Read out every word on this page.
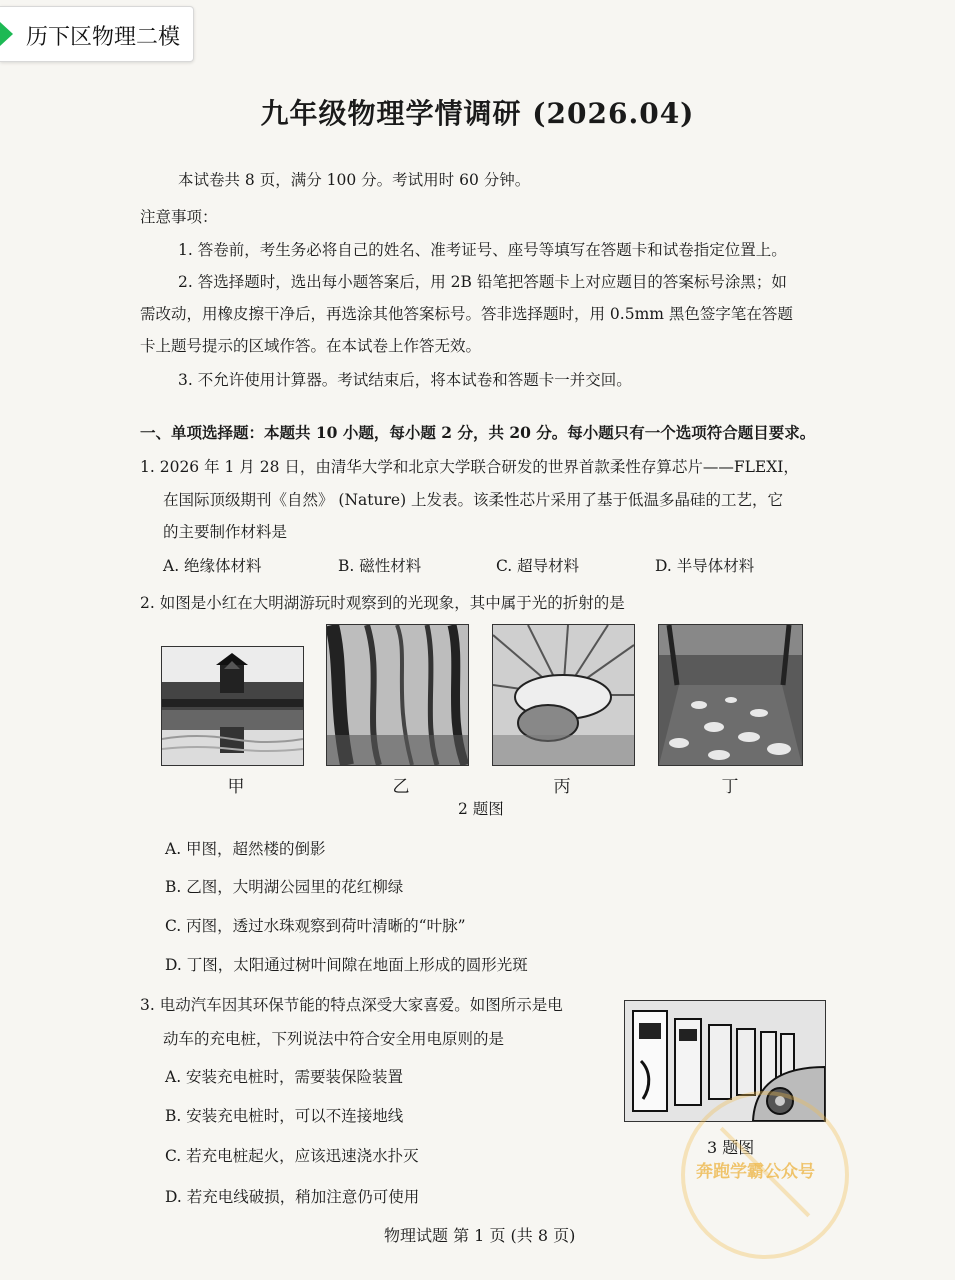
历下区物理二模
九年级物理学情调研 (2026.04)
本试卷共 8 页，满分 100 分。考试用时 60 分钟。
注意事项：
1. 答卷前，考生务必将自己的姓名、准考证号、座号等填写在答题卡和试卷指定位置上。
2. 答选择题时，选出每小题答案后，用 2B 铅笔把答题卡上对应题目的答案标号涂黑；如
需改动，用橡皮擦干净后，再选涂其他答案标号。答非选择题时，用 0.5mm 黑色签字笔在答题
卡上题号提示的区域作答。在本试卷上作答无效。
3. 不允许使用计算器。考试结束后，将本试卷和答题卡一并交回。
一、单项选择题：本题共 10 小题，每小题 2 分，共 20 分。每小题只有一个选项符合题目要求。
1. 2026 年 1 月 28 日，由清华大学和北京大学联合研发的世界首款柔性存算芯片——FLEXI，
在国际顶级期刊《自然》 (Nature) 上发表。该柔性芯片采用了基于低温多晶硅的工艺，它
的主要制作材料是
A. 绝缘体材料	B. 磁性材料	C. 超导材料	D. 半导体材料
2. 如图是小红在大明湖游玩时观察到的光现象，其中属于光的折射的是
甲	乙	丙	丁
2 题图
A. 甲图，超然楼的倒影
B. 乙图，大明湖公园里的花红柳绿
C. 丙图，透过水珠观察到荷叶清晰的“叶脉”
D. 丁图，太阳通过树叶间隙在地面上形成的圆形光斑
3. 电动汽车因其环保节能的特点深受大家喜爱。如图所示是电
动车的充电桩，下列说法中符合安全用电原则的是
A. 安装充电桩时，需要装保险装置
B. 安装充电桩时，可以不连接地线
C. 若充电桩起火，应该迅速浇水扑灭
D. 若充电线破损，稍加注意仍可使用
3 题图
奔跑学霸公众号
物理试题 第 1 页 (共 8 页)
